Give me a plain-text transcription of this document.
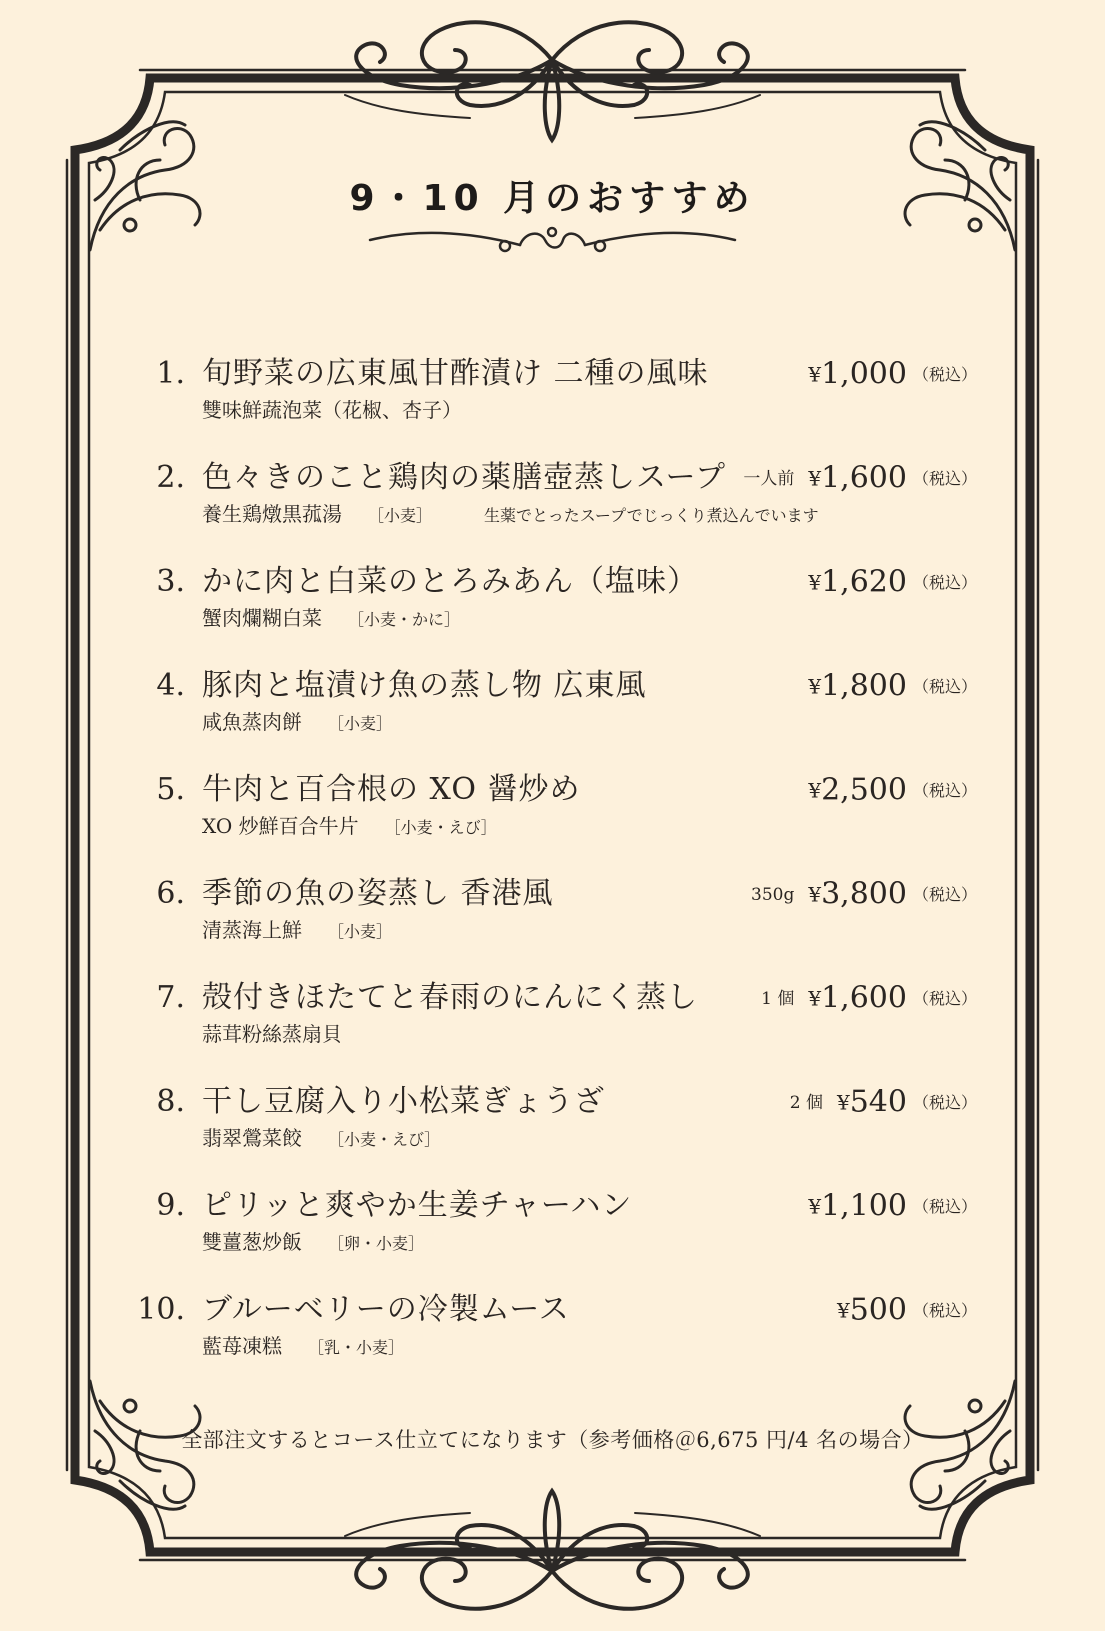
9・10 月のおすすめ
1. 旬野菜の広東風甘酢漬け 二種の風味
雙味鮮蔬泡菜（花椒、杏子）
¥1,000 （税込）
2. 色々きのこと鶏肉の薬膳壺蒸しスープ
養生鶏燉黒菰湯 ［小麦］	生薬でとったスープでじっくり煮込んでいます
一人前 ¥1,600 （税込）
3. かに肉と白菜のとろみあん（塩味）
蟹肉爛糊白菜 ［小麦・かに］
¥1,620 （税込）
4. 豚肉と塩漬け魚の蒸し物 広東風
咸魚蒸肉餅 ［小麦］
¥1,800 （税込）
5. 牛肉と百合根の XO 醤炒め
XO 炒鮮百合牛片 ［小麦・えび］
¥2,500 （税込）
6. 季節の魚の姿蒸し 香港風
清蒸海上鮮 ［小麦］
350g ¥3,800 （税込）
7. 殻付きほたてと春雨のにんにく蒸し
蒜茸粉絲蒸扇貝
1 個 ¥1,600 （税込）
8. 干し豆腐入り小松菜ぎょうざ
翡翠鶯菜餃 ［小麦・えび］
2 個 ¥540 （税込）
9. ピリッと爽やか生姜チャーハン
雙薑葱炒飯 ［卵・小麦］
¥1,100 （税込）
10. ブルーベリーの冷製ムース
藍苺凍糕 ［乳・小麦］
¥500 （税込）
全部注文するとコース仕立てになります（参考価格＠6,675 円/4 名の場合）
